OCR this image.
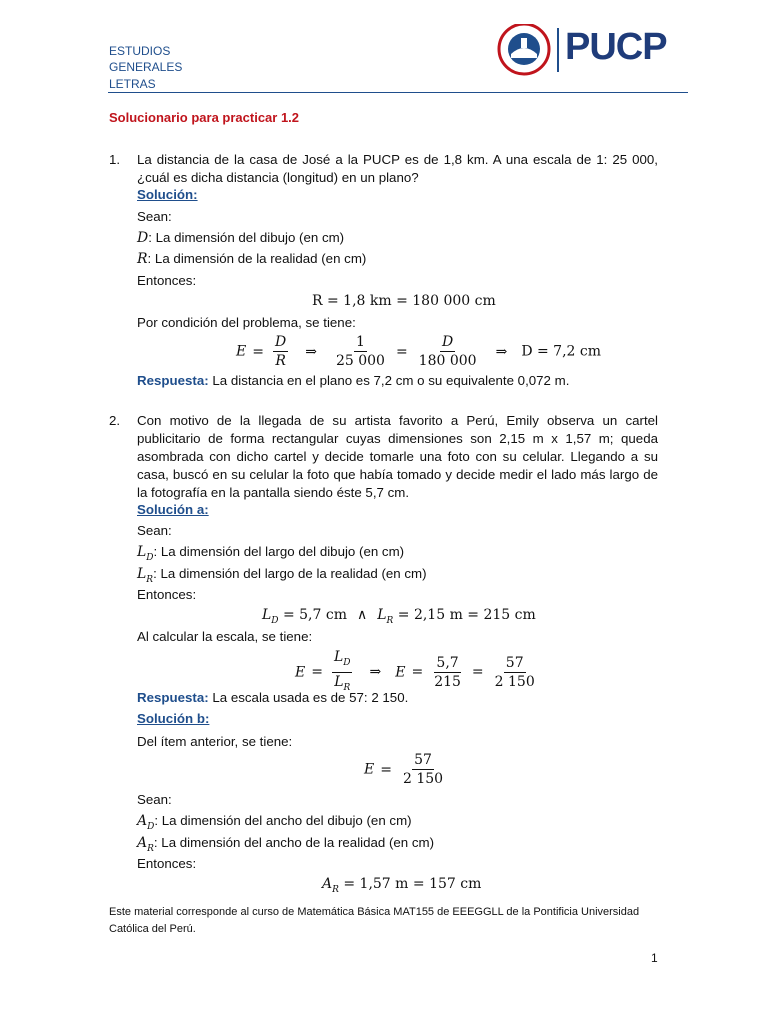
ESTUDIOS
GENERALES
LETRAS
PUCP
Solucionario para practicar 1.2
1. La distancia de la casa de José a la PUCP es de 1,8 km. A una escala de 1: 25 000, ¿cuál es dicha distancia (longitud) en un plano?
Solución:
Sean:
D: La dimensión del dibujo (en cm)
R: La dimensión de la realidad (en cm)
Entonces:
R = 1,8 km = 180 000 cm
Por condición del problema, se tiene:
$E = \frac{D}{R}$ ⇒ $\frac{1}{25 000} = \frac{D}{180 000}$ ⇒ D = 7,2 cm
Respuesta: La distancia en el plano es 7,2 cm o su equivalente 0,072 m.
2. Con motivo de la llegada de su artista favorito a Perú, Emily observa un cartel publicitario de forma rectangular cuyas dimensiones son 2,15 m x 1,57 m; queda asombrada con dicho cartel y decide tomarle una foto con su celular. Llegando a su casa, buscó en su celular la foto que había tomado y decide medir el lado más largo de la fotografía en la pantalla siendo éste 5,7 cm.
Solución a:
Sean:
$L_D$: La dimensión del largo del dibujo (en cm)
$L_R$: La dimensión del largo de la realidad (en cm)
Entonces:
$L_D = 5,7$ cm ∧ $L_R = 2,15$ m = 215 cm
Al calcular la escala, se tiene:
$E = \frac{L_D}{L_R}$ ⇒ $E = \frac{5,7}{215} = \frac{57}{2 150}$
Respuesta: La escala usada es de 57: 2 150.
Solución b:
Del ítem anterior, se tiene:
$E = \frac{57}{2 150}$
Sean:
$A_D$: La dimensión del ancho del dibujo (en cm)
$A_R$: La dimensión del ancho de la realidad (en cm)
Entonces:
$A_R = 1,57$ m = 157 cm
Este material corresponde al curso de Matemática Básica MAT155 de EEEGGLL de la Pontificia Universidad Católica del Perú.
1
